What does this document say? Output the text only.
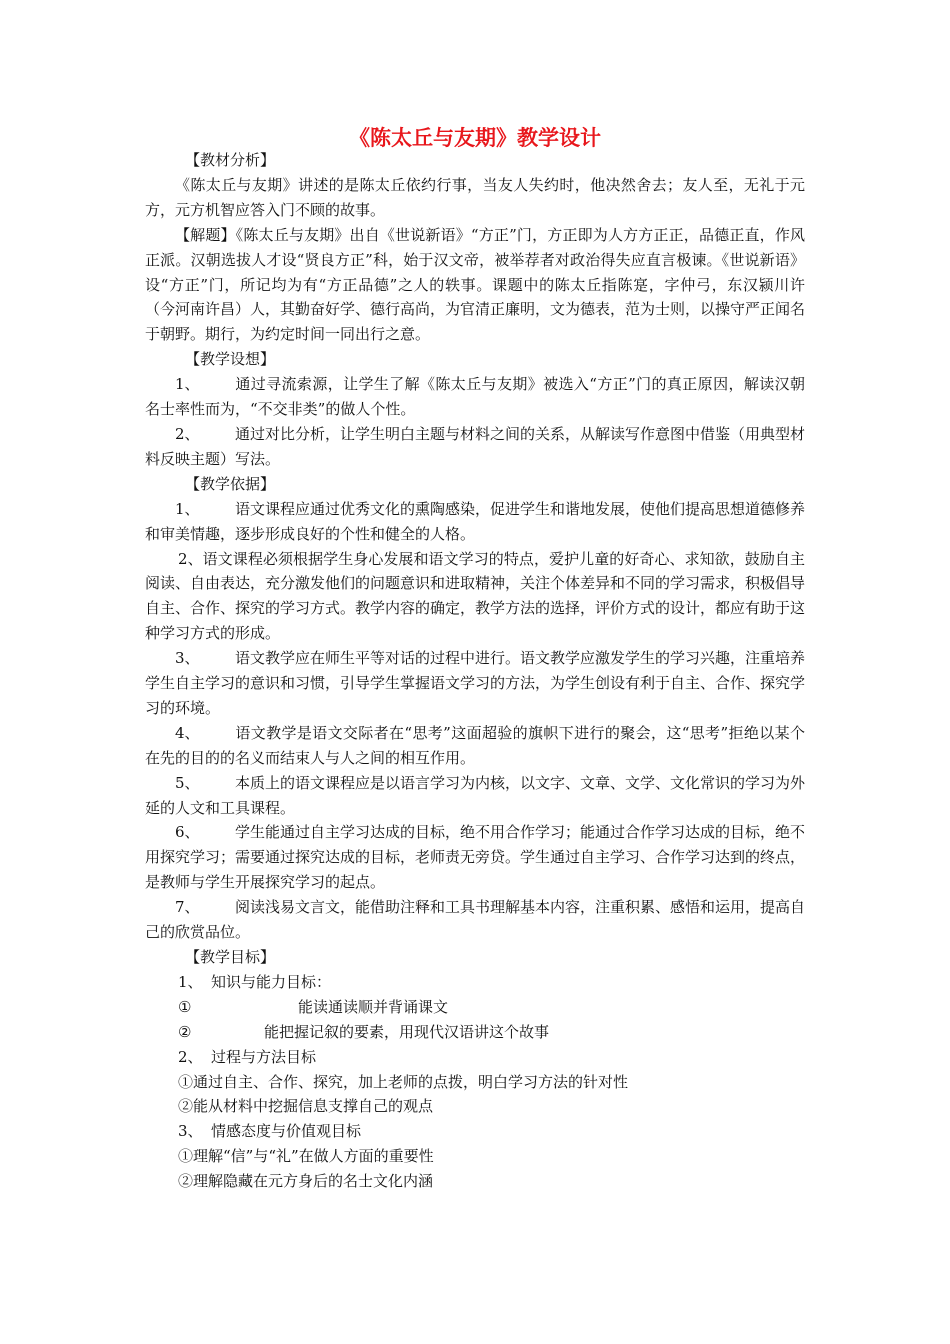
《陈太丘与友期》教学设计

【教材分析】

《陈太丘与友期》讲述的是陈太丘依约行事，当友人失约时，他决然舍去；友人至，无礼于元方，元方机智应答入门不顾的故事。

【解题】《陈太丘与友期》出自《世说新语》“方正”门，方正即为人方方正正，品德正直，作风正派。汉朝选拔人才设“贤良方正”科，始于汉文帝，被举荐者对政治得失应直言极谏。《世说新语》设“方正”门，所记均为有“方正品德”之人的轶事。课题中的陈太丘指陈寔，字仲弓，东汉颍川许（今河南许昌）人，其勤奋好学、德行高尚，为官清正廉明，文为德表，范为士则，以操守严正闻名于朝野。期行，为约定时间一同出行之意。

【教学设想】

1、 通过寻流索源，让学生了解《陈太丘与友期》被选入“方正”门的真正原因，解读汉朝名士率性而为，“不交非类”的做人个性。

2、 通过对比分析，让学生明白主题与材料之间的关系，从解读写作意图中借鉴（用典型材料反映主题）写法。

【教学依据】

1、 语文课程应通过优秀文化的熏陶感染，促进学生和谐地发展，使他们提高思想道德修养和审美情趣，逐步形成良好的个性和健全的人格。

2、语文课程必须根据学生身心发展和语文学习的特点，爱护儿童的好奇心、求知欲，鼓励自主阅读、自由表达，充分激发他们的问题意识和进取精神，关注个体差异和不同的学习需求，积极倡导自主、合作、探究的学习方式。教学内容的确定，教学方法的选择，评价方式的设计，都应有助于这种学习方式的形成。

3、 语文教学应在师生平等对话的过程中进行。语文教学应激发学生的学习兴趣，注重培养学生自主学习的意识和习惯，引导学生掌握语文学习的方法，为学生创设有利于自主、合作、探究学习的环境。

4、 语文教学是语文交际者在“思考”这面超验的旗帜下进行的聚会，这“思考”拒绝以某个在先的目的的名义而结束人与人之间的相互作用。

5、 本质上的语文课程应是以语言学习为内核，以文字、文章、文学、文化常识的学习为外延的人文和工具课程。

6、 学生能通过自主学习达成的目标，绝不用合作学习；能通过合作学习达成的目标，绝不用探究学习；需要通过探究达成的目标，老师责无旁贷。学生通过自主学习、合作学习达到的终点，是教师与学生开展探究学习的起点。

7、 阅读浅易文言文，能借助注释和工具书理解基本内容，注重积累、感悟和运用，提高自己的欣赏品位。

【教学目标】

1、 知识与能力目标：

①	能读通读顺并背诵课文

②	能把握记叙的要素，用现代汉语讲这个故事

2、 过程与方法目标

①通过自主、合作、探究，加上老师的点拨，明白学习方法的针对性

②能从材料中挖掘信息支撑自己的观点

3、 情感态度与价值观目标

①理解“信”与“礼”在做人方面的重要性

②理解隐藏在元方身后的名士文化内涵
